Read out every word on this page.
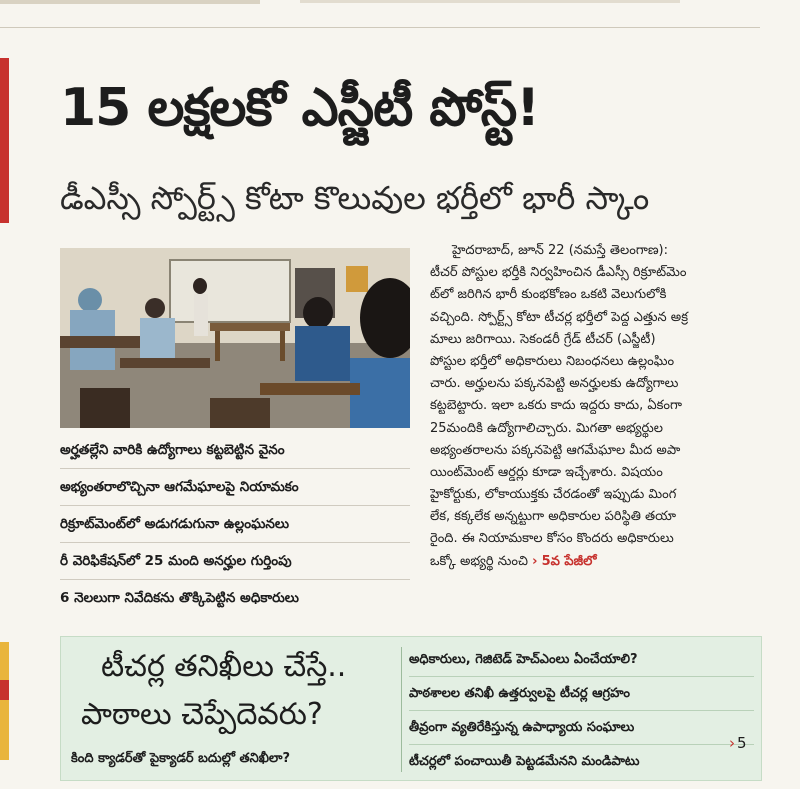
15 లక్షలకో ఎస్జీటీ పోస్ట్!
డీఎస్సీ స్పోర్ట్స్ కోటా కొలువుల భర్తీలో భారీ స్కాం
అర్హతల్లేని వారికి ఉద్యోగాలు కట్టబెట్టిన వైనం
అభ్యంతరాలొచ్చినా ఆగమేఘాలపై నియామకం
రిక్రూట్‌మెంట్‌లో అడుగడుగునా ఉల్లంఘనలు
రీ వెరిఫికేషన్‌లో 25 మంది అనర్హుల గుర్తింపు
6 నెలలుగా నివేదికను తొక్కిపెట్టిన అధికారులు
హైదరాబాద్, జూన్ 22 (నమస్తే తెలంగాణ):
టీచర్ పోస్టుల భర్తీకి నిర్వహించిన డీఎస్సీ రిక్రూట్‌మెం
ట్‌లో జరిగిన భారీ కుంభకోణం ఒకటి వెలుగులోకి
వచ్చింది. స్పోర్ట్స్ కోటా టీచర్ల భర్తీలో పెద్ద ఎత్తున అక్ర
మాలు జరిగాయి. సెకండరీ గ్రేడ్ టీచర్ (ఎస్జీటీ)
పోస్టుల భర్తీలో అధికారులు నిబంధనలు ఉల్లంఘిం
చారు. అర్హులను పక్కనపెట్టి అనర్హులకు ఉద్యోగాలు
కట్టబెట్టారు. ఇలా ఒకరు కాదు ఇద్దరు కాదు, ఏకంగా
25మందికి ఉద్యోగాలిచ్చారు. మిగతా అభ్యర్థుల
అభ్యంతరాలను పక్కనపెట్టి ఆగమేఘాల మీద అపా
యింట్‌మెంట్ ఆర్డర్లు కూడా ఇచ్చేశారు. విషయం
హైకోర్టుకు, లోకాయుక్తకు చేరడంతో ఇప్పుడు మింగ
లేక, కక్కలేక అన్నట్టుగా అధికారుల పరిస్థితి తయా
రైంది. ఈ నియామకాల కోసం కొందరు అధికారులు
ఒక్కో అభ్యర్థి నుంచి › 5వ పేజీలో
టీచర్ల తనిఖీలు చేస్తే..
పాఠాలు చెప్పేదెవరు?
కింది క్యాడర్‌తో పైక్యాడర్ బదుల్లో తనిఖీలా?
అధికారులు, గెజిటెడ్ హెచ్‌ఎంలు ఏంచేయాలి?
పాఠశాలల తనిఖీ ఉత్తర్వులపై టీచర్ల ఆగ్రహం
తీవ్రంగా వ్యతిరేకిస్తున్న ఉపాధ్యాయ సంఘాలు
టీచర్లలో పంచాయితీ పెట్టడమేనని మండిపాటు
› 5
